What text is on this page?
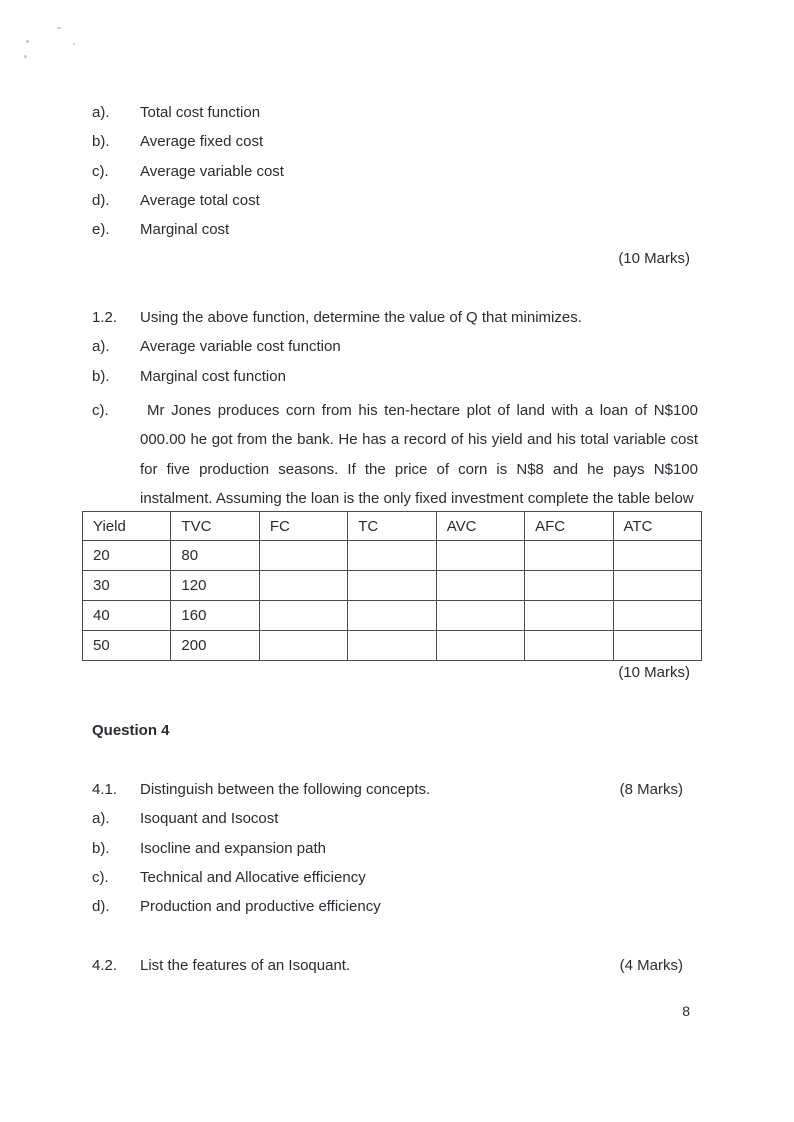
a). Total cost function
b). Average fixed cost
c). Average variable cost
d). Average total cost
e). Marginal cost
(10 Marks)
1.2. Using the above function, determine the value of Q that minimizes.
a). Average variable cost function
b). Marginal cost function
c).	Mr Jones produces corn from his ten-hectare plot of land with a loan of N$100 000.00 he got from the bank. He has a record of his yield and his total variable cost for five production seasons. If the price of corn is N$8 and he pays N$100 instalment. Assuming the loan is the only fixed investment complete the table below
Yield	TVC	FC	TC	AVC	AFC	ATC
20	80					
30	120					
40	160					
50	200					
(10 Marks)
Question 4
4.1. Distinguish between the following concepts.	(8 Marks)
a). Isoquant and Isocost
b). Isocline and expansion path
c). Technical and Allocative efficiency
d). Production and productive efficiency
4.2. List the features of an Isoquant.	(4 Marks)
8
